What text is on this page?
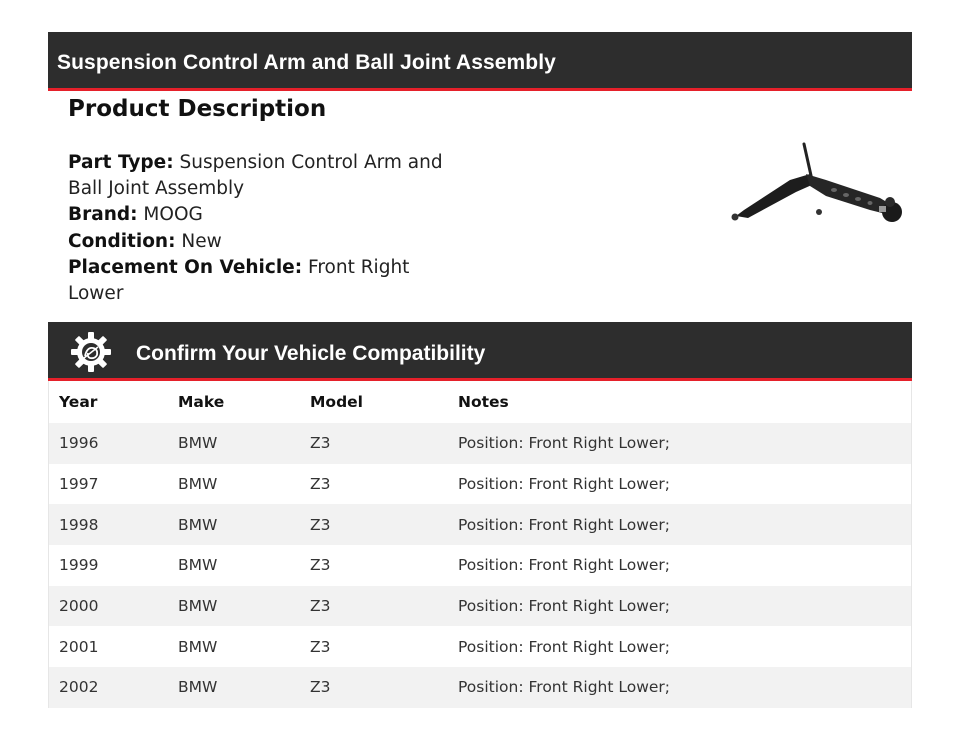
Suspension Control Arm and Ball Joint Assembly
Product Description
Part Type: Suspension Control Arm and
Ball Joint Assembly
Brand: MOOG
Condition: New
Placement On Vehicle: Front Right Lower
Confirm Your Vehicle Compatibility
Year	Make	Model	Notes
1996	BMW	Z3	Position: Front Right Lower;
1997	BMW	Z3	Position: Front Right Lower;
1998	BMW	Z3	Position: Front Right Lower;
1999	BMW	Z3	Position: Front Right Lower;
2000	BMW	Z3	Position: Front Right Lower;
2001	BMW	Z3	Position: Front Right Lower;
2002	BMW	Z3	Position: Front Right Lower;
